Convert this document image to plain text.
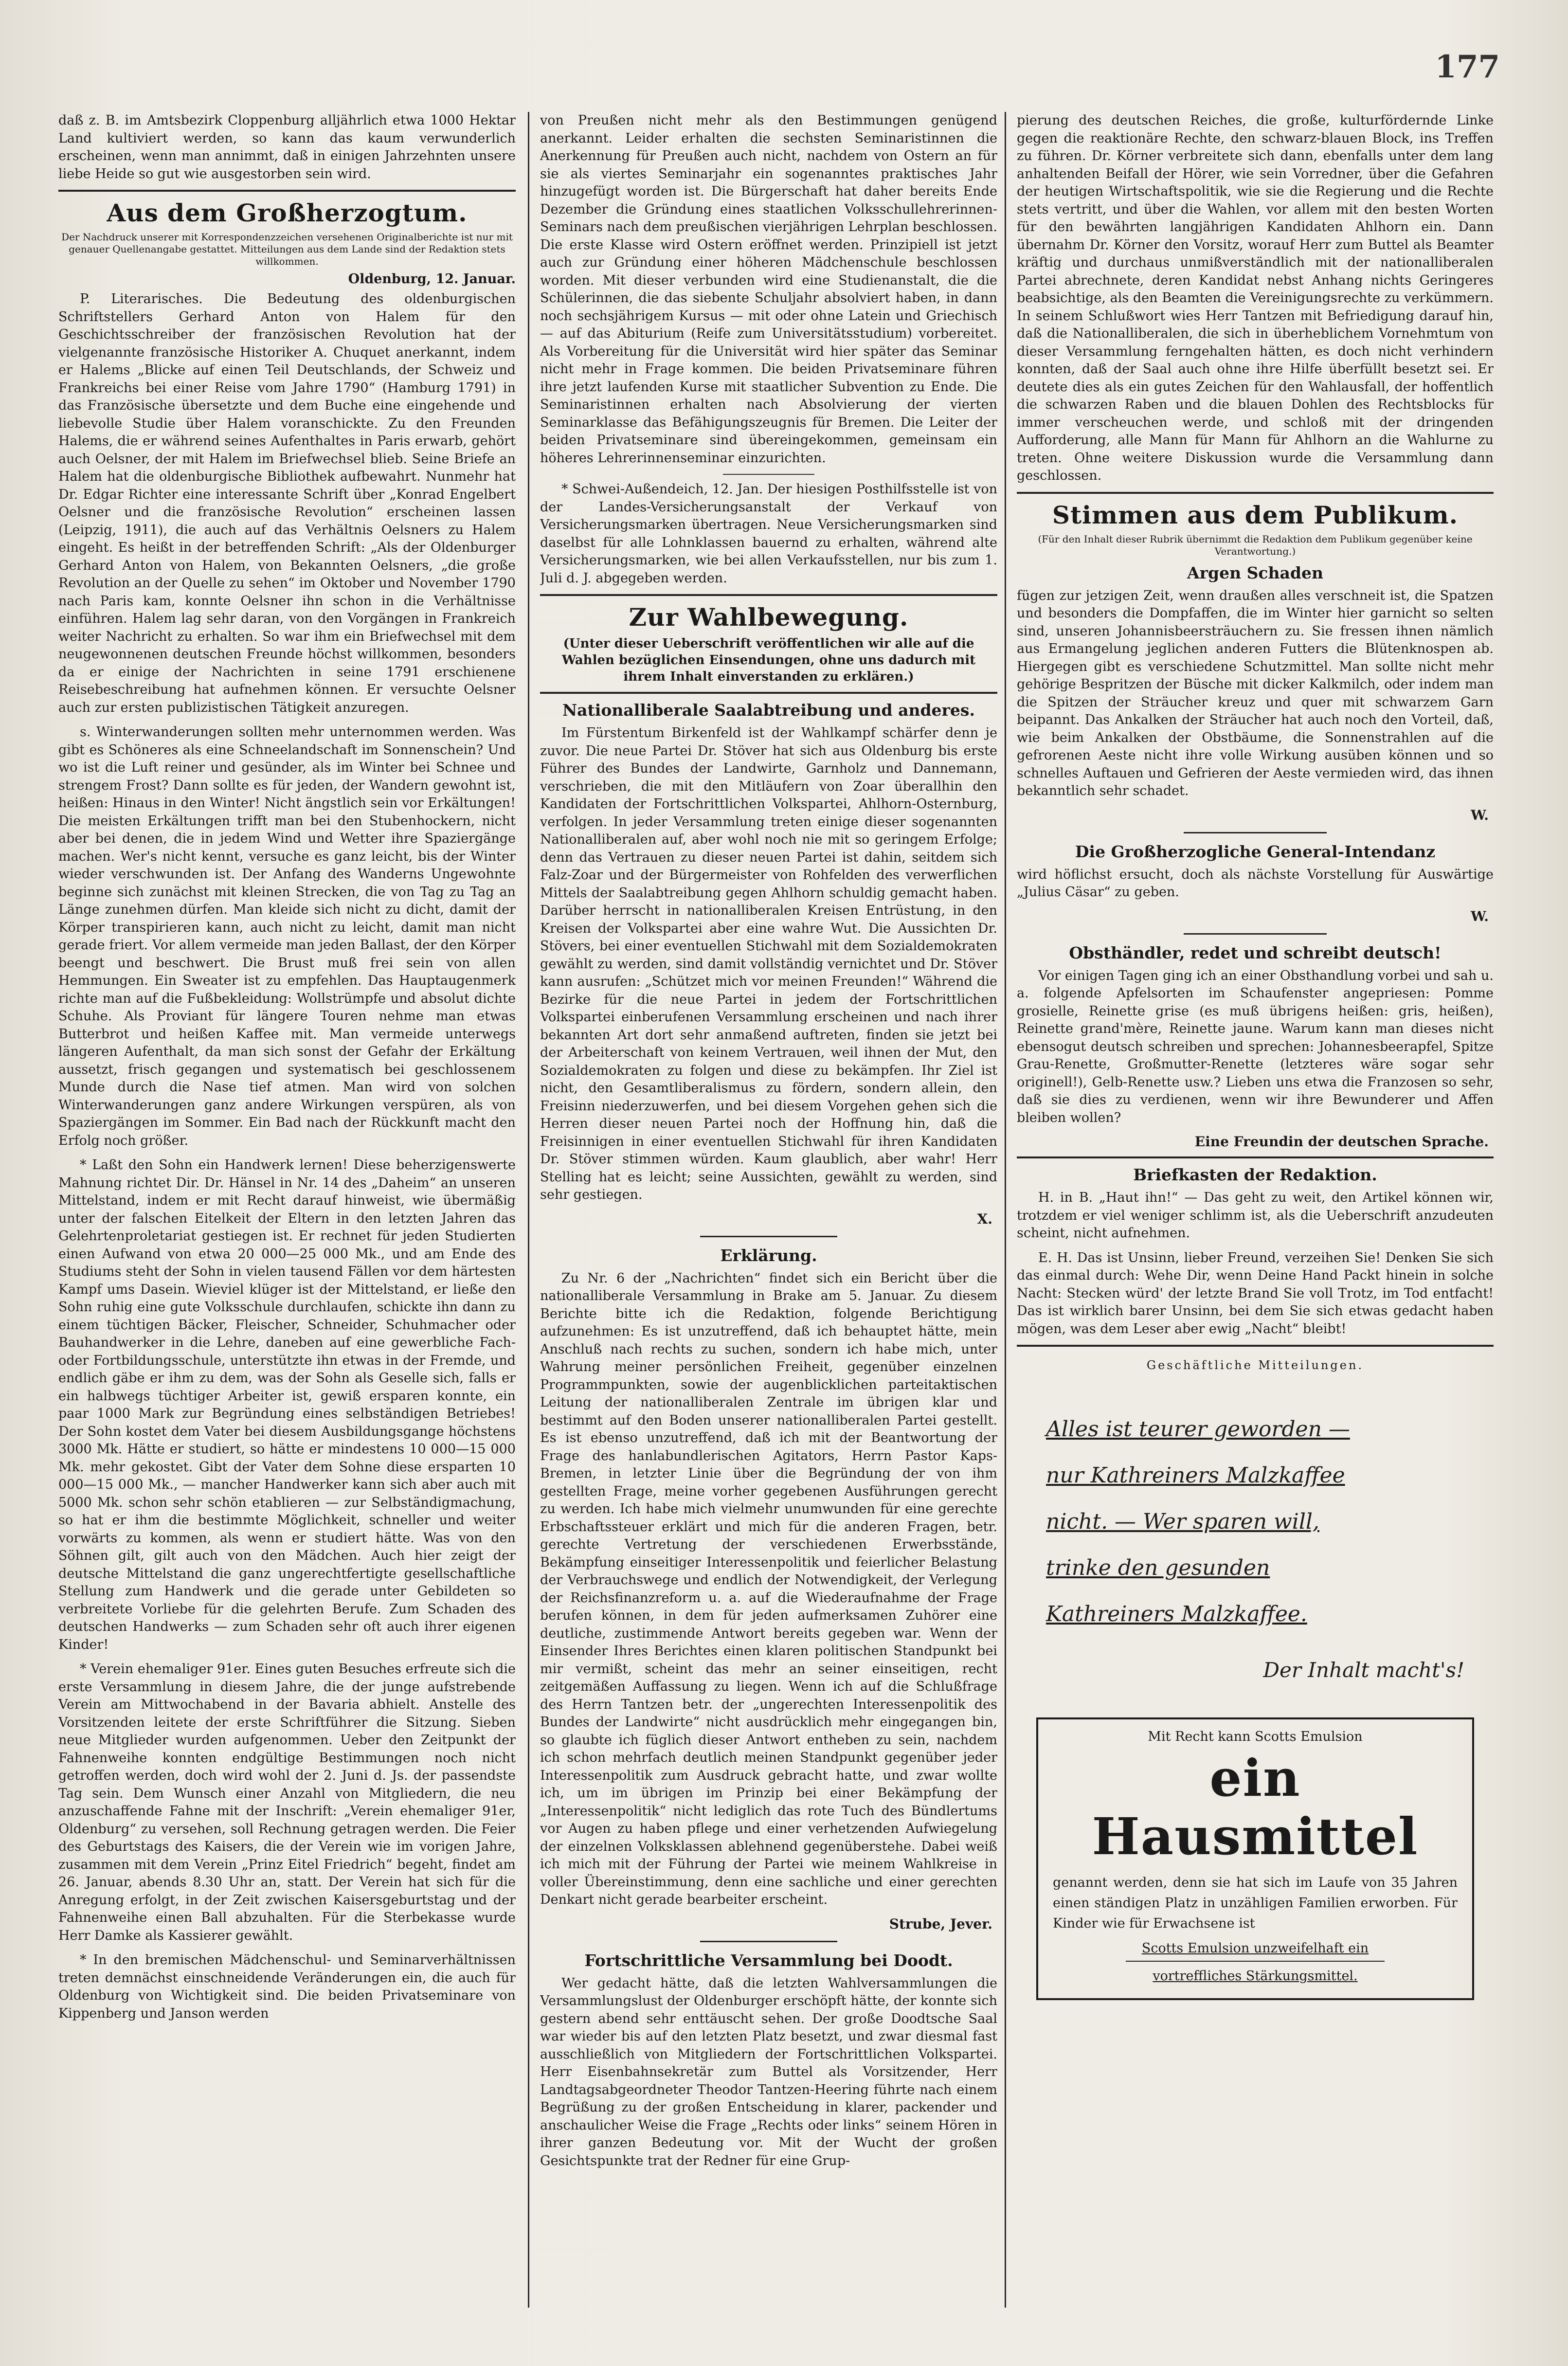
177

daß z. B. im Amtsbezirk Cloppenburg alljährlich etwa 1000 Hektar Land kultiviert werden, so kann das kaum verwunderlich erscheinen, wenn man annimmt, daß in einigen Jahrzehnten unsere liebe Heide so gut wie ausgestorben sein wird.

Aus dem Großherzogtum.

Der Nachdruck unserer mit Korrespondenzzeichen versehenen Originalberichte ist nur mit genauer Quellenangabe gestattet. Mitteilungen aus dem Lande sind der Redaktion stets willkommen.

Oldenburg, 12. Januar.

P. Literarisches. Die Bedeutung des oldenburgischen Schriftstellers Gerhard Anton von Halem für den Geschichtsschreiber der französischen Revolution hat der vielgenannte französische Historiker A. Chuquet anerkannt, indem er Halems „Blicke auf einen Teil Deutschlands, der Schweiz und Frankreichs bei einer Reise vom Jahre 1790“ (Hamburg 1791) in das Französische übersetzte und dem Buche eine eingehende und liebevolle Studie über Halem voranschickte. Zu den Freunden Halems, die er während seines Aufenthaltes in Paris erwarb, gehört auch Oelsner, der mit Halem im Briefwechsel blieb. Seine Briefe an Halem hat die oldenburgische Bibliothek aufbewahrt. Nunmehr hat Dr. Edgar Richter eine interessante Schrift über „Konrad Engelbert Oelsner und die französische Revolution“ erscheinen lassen (Leipzig, 1911), die auch auf das Verhältnis Oelsners zu Halem eingeht. Es heißt in der betreffenden Schrift: „Als der Oldenburger Gerhard Anton von Halem, von Bekannten Oelsners, „die große Revolution an der Quelle zu sehen“ im Oktober und November 1790 nach Paris kam, konnte Oelsner ihn schon in die Verhältnisse einführen. Halem lag sehr daran, von den Vorgängen in Frankreich weiter Nachricht zu erhalten. So war ihm ein Briefwechsel mit dem neugewonnenen deutschen Freunde höchst willkommen, besonders da er einige der Nachrichten in seine 1791 erschienene Reisebeschreibung hat aufnehmen können. Er versuchte Oelsner auch zur ersten publizistischen Tätigkeit anzuregen.

s. Winterwanderungen sollten mehr unternommen werden. Was gibt es Schöneres als eine Schneelandschaft im Sonnenschein? Und wo ist die Luft reiner und gesünder, als im Winter bei Schnee und strengem Frost? Dann sollte es für jeden, der Wandern gewohnt ist, heißen: Hinaus in den Winter! Nicht ängstlich sein vor Erkältungen! Die meisten Erkältungen trifft man bei den Stubenhockern, nicht aber bei denen, die in jedem Wind und Wetter ihre Spaziergänge machen. Wer's nicht kennt, versuche es ganz leicht, bis der Winter wieder verschwunden ist. Der Anfang des Wanderns Ungewohnte beginne sich zunächst mit kleinen Strecken, die von Tag zu Tag an Länge zunehmen dürfen. Man kleide sich nicht zu dicht, damit der Körper transpirieren kann, auch nicht zu leicht, damit man nicht gerade friert. Vor allem vermeide man jeden Ballast, der den Körper beengt und beschwert. Die Brust muß frei sein von allen Hemmungen. Ein Sweater ist zu empfehlen. Das Hauptaugenmerk richte man auf die Fußbekleidung: Wollstrümpfe und absolut dichte Schuhe. Als Proviant für längere Touren nehme man etwas Butterbrot und heißen Kaffee mit. Man vermeide unterwegs längeren Aufenthalt, da man sich sonst der Gefahr der Erkältung aussetzt, frisch gegangen und systematisch bei geschlossenem Munde durch die Nase tief atmen. Man wird von solchen Winterwanderungen ganz andere Wirkungen verspüren, als von Spaziergängen im Sommer. Ein Bad nach der Rückkunft macht den Erfolg noch größer.

* Laßt den Sohn ein Handwerk lernen! Diese beherzigenswerte Mahnung richtet Dir. Dr. Hänsel in Nr. 14 des „Daheim“ an unseren Mittelstand, indem er mit Recht darauf hinweist, wie übermäßig unter der falschen Eitelkeit der Eltern in den letzten Jahren das Gelehrtenproletariat gestiegen ist. Er rechnet für jeden Studierten einen Aufwand von etwa 20 000—25 000 Mk., und am Ende des Studiums steht der Sohn in vielen tausend Fällen vor dem härtesten Kampf ums Dasein. Wieviel klüger ist der Mittelstand, er ließe den Sohn ruhig eine gute Volksschule durchlaufen, schickte ihn dann zu einem tüchtigen Bäcker, Fleischer, Schneider, Schuhmacher oder Bauhandwerker in die Lehre, daneben auf eine gewerbliche Fach- oder Fortbildungsschule, unterstützte ihn etwas in der Fremde, und endlich gäbe er ihm zu dem, was der Sohn als Geselle sich, falls er ein halbwegs tüchtiger Arbeiter ist, gewiß ersparen konnte, ein paar 1000 Mark zur Begründung eines selbständigen Betriebes! Der Sohn kostet dem Vater bei diesem Ausbildungsgange höchstens 3000 Mk. Hätte er studiert, so hätte er mindestens 10 000—15 000 Mk. mehr gekostet. Gibt der Vater dem Sohne diese ersparten 10 000—15 000 Mk., — mancher Handwerker kann sich aber auch mit 5000 Mk. schon sehr schön etablieren — zur Selbständigmachung, so hat er ihm die bestimmte Möglichkeit, schneller und weiter vorwärts zu kommen, als wenn er studiert hätte. Was von den Söhnen gilt, gilt auch von den Mädchen. Auch hier zeigt der deutsche Mittelstand die ganz ungerechtfertigte gesellschaftliche Stellung zum Handwerk und die gerade unter Gebildeten so verbreitete Vorliebe für die gelehrten Berufe. Zum Schaden des deutschen Handwerks — zum Schaden sehr oft auch ihrer eigenen Kinder!

* Verein ehemaliger 91er. Eines guten Besuches erfreute sich die erste Versammlung in diesem Jahre, die der junge aufstrebende Verein am Mittwochabend in der Bavaria abhielt. Anstelle des Vorsitzenden leitete der erste Schriftführer die Sitzung. Sieben neue Mitglieder wurden aufgenommen. Ueber den Zeitpunkt der Fahnenweihe konnten endgültige Bestimmungen noch nicht getroffen werden, doch wird wohl der 2. Juni d. Js. der passendste Tag sein. Dem Wunsch einer Anzahl von Mitgliedern, die neu anzuschaffende Fahne mit der Inschrift: „Verein ehemaliger 91er, Oldenburg“ zu versehen, soll Rechnung getragen werden. Die Feier des Geburtstags des Kaisers, die der Verein wie im vorigen Jahre, zusammen mit dem Verein „Prinz Eitel Friedrich“ begeht, findet am 26. Januar, abends 8.30 Uhr an, statt. Der Verein hat sich für die Anregung erfolgt, in der Zeit zwischen Kaisersgeburtstag und der Fahnenweihe einen Ball abzuhalten. Für die Sterbekasse wurde Herr Damke als Kassierer gewählt.

* In den bremischen Mädchenschul- und Seminarverhältnissen treten demnächst einschneidende Veränderungen ein, die auch für Oldenburg von Wichtigkeit sind. Die beiden Privatseminare von Kippenberg und Janson werden

von Preußen nicht mehr als den Bestimmungen genügend anerkannt. Leider erhalten die sechsten Seminaristinnen die Anerkennung für Preußen auch nicht, nachdem von Ostern an für sie als viertes Seminarjahr ein sogenanntes praktisches Jahr hinzugefügt worden ist. Die Bürgerschaft hat daher bereits Ende Dezember die Gründung eines staatlichen Volksschullehrerinnen-Seminars nach dem preußischen vierjährigen Lehrplan beschlossen. Die erste Klasse wird Ostern eröffnet werden. Prinzipiell ist jetzt auch zur Gründung einer höheren Mädchenschule beschlossen worden. Mit dieser verbunden wird eine Studienanstalt, die die Schülerinnen, die das siebente Schuljahr absolviert haben, in dann noch sechsjährigem Kursus — mit oder ohne Latein und Griechisch — auf das Abiturium (Reife zum Universitätsstudium) vorbereitet. Als Vorbereitung für die Universität wird hier später das Seminar nicht mehr in Frage kommen. Die beiden Privatseminare führen ihre jetzt laufenden Kurse mit staatlicher Subvention zu Ende. Die Seminaristinnen erhalten nach Absolvierung der vierten Seminarklasse das Befähigungszeugnis für Bremen. Die Leiter der beiden Privatseminare sind übereingekommen, gemeinsam ein höheres Lehrerinnenseminar einzurichten.

* Schwei-Außendeich, 12. Jan. Der hiesigen Posthilfsstelle ist von der Landes-Versicherungsanstalt der Verkauf von Versicherungsmarken übertragen. Neue Versicherungsmarken sind daselbst für alle Lohnklassen bauernd zu erhalten, während alte Versicherungsmarken, wie bei allen Verkaufsstellen, nur bis zum 1. Juli d. J. abgegeben werden.

Zur Wahlbewegung.

(Unter dieser Ueberschrift veröffentlichen wir alle auf die Wahlen bezüglichen Einsendungen, ohne uns dadurch mit ihrem Inhalt einverstanden zu erklären.)

Nationalliberale Saalabtreibung und anderes.

Im Fürstentum Birkenfeld ist der Wahlkampf schärfer denn je zuvor. Die neue Partei Dr. Stöver hat sich aus Oldenburg bis erste Führer des Bundes der Landwirte, Garnholz und Dannemann, verschrieben, die mit den Mitläufern von Zoar überallhin den Kandidaten der Fortschrittlichen Volkspartei, Ahlhorn-Osternburg, verfolgen. In jeder Versammlung treten einige dieser sogenannten Nationalliberalen auf, aber wohl noch nie mit so geringem Erfolge; denn das Vertrauen zu dieser neuen Partei ist dahin, seitdem sich Falz-Zoar und der Bürgermeister von Rohfelden des verwerflichen Mittels der Saalabtreibung gegen Ahlhorn schuldig gemacht haben. Darüber herrscht in nationalliberalen Kreisen Entrüstung, in den Kreisen der Volkspartei aber eine wahre Wut. Die Aussichten Dr. Stövers, bei einer eventuellen Stichwahl mit dem Sozialdemokraten gewählt zu werden, sind damit vollständig vernichtet und Dr. Stöver kann ausrufen: „Schützet mich vor meinen Freunden!“ Während die Bezirke für die neue Partei in jedem der Fortschrittlichen Volkspartei einberufenen Versammlung erscheinen und nach ihrer bekannten Art dort sehr anmaßend auftreten, finden sie jetzt bei der Arbeiterschaft von keinem Vertrauen, weil ihnen der Mut, den Sozialdemokraten zu folgen und diese zu bekämpfen. Ihr Ziel ist nicht, den Gesamtliberalismus zu fördern, sondern allein, den Freisinn niederzuwerfen, und bei diesem Vorgehen gehen sich die Herren dieser neuen Partei noch der Hoffnung hin, daß die Freisinnigen in einer eventuellen Stichwahl für ihren Kandidaten Dr. Stöver stimmen würden. Kaum glaublich, aber wahr! Herr Stelling hat es leicht; seine Aussichten, gewählt zu werden, sind sehr gestiegen.

X.

Erklärung.

Zu Nr. 6 der „Nachrichten“ findet sich ein Bericht über die nationalliberale Versammlung in Brake am 5. Januar. Zu diesem Berichte bitte ich die Redaktion, folgende Berichtigung aufzunehmen: Es ist unzutreffend, daß ich behauptet hätte, mein Anschluß nach rechts zu suchen, sondern ich habe mich, unter Wahrung meiner persönlichen Freiheit, gegenüber einzelnen Programmpunkten, sowie der augenblicklichen parteitaktischen Leitung der nationalliberalen Zentrale im übrigen klar und bestimmt auf den Boden unserer nationalliberalen Partei gestellt. Es ist ebenso unzutreffend, daß ich mit der Beantwortung der Frage des hanlabundlerischen Agitators, Herrn Pastor Kaps-Bremen, in letzter Linie über die Begründung der von ihm gestellten Frage, meine vorher gegebenen Ausführungen gerecht zu werden. Ich habe mich vielmehr unumwunden für eine gerechte Erbschaftssteuer erklärt und mich für die anderen Fragen, betr. gerechte Vertretung der verschiedenen Erwerbsstände, Bekämpfung einseitiger Interessenpolitik und feierlicher Belastung der Verbrauchswege und endlich der Notwendigkeit, der Verlegung der Reichsfinanzreform u. a. auf die Wiederaufnahme der Frage berufen können, in dem für jeden aufmerksamen Zuhörer eine deutliche, zustimmende Antwort bereits gegeben war. Wenn der Einsender Ihres Berichtes einen klaren politischen Standpunkt bei mir vermißt, scheint das mehr an seiner einseitigen, recht zeitgemäßen Auffassung zu liegen. Wenn ich auf die Schlußfrage des Herrn Tantzen betr. der „ungerechten Interessenpolitik des Bundes der Landwirte“ nicht ausdrücklich mehr eingegangen bin, so glaubte ich füglich dieser Antwort entheben zu sein, nachdem ich schon mehrfach deutlich meinen Standpunkt gegenüber jeder Interessenpolitik zum Ausdruck gebracht hatte, und zwar wollte ich, um im übrigen im Prinzip bei einer Bekämpfung der „Interessenpolitik“ nicht lediglich das rote Tuch des Bündlertums vor Augen zu haben pflege und einer verhetzenden Aufwiegelung der einzelnen Volksklassen ablehnend gegenüberstehe. Dabei weiß ich mich mit der Führung der Partei wie meinem Wahlkreise in voller Übereinstimmung, denn eine sachliche und einer gerechten Denkart nicht gerade bearbeiter erscheint.

Strube, Jever.

Fortschrittliche Versammlung bei Doodt.

Wer gedacht hätte, daß die letzten Wahlversammlungen die Versammlungslust der Oldenburger erschöpft hätte, der konnte sich gestern abend sehr enttäuscht sehen. Der große Doodtsche Saal war wieder bis auf den letzten Platz besetzt, und zwar diesmal fast ausschließlich von Mitgliedern der Fortschrittlichen Volkspartei. Herr Eisenbahnsekretär zum Buttel als Vorsitzender, Herr Landtagsabgeordneter Theodor Tantzen-Heering führte nach einem Begrüßung zu der großen Entscheidung in klarer, packender und anschaulicher Weise die Frage „Rechts oder links“ seinem Hören in ihrer ganzen Bedeutung vor. Mit der Wucht der großen Gesichtspunkte trat der Redner für eine Grup-

pierung des deutschen Reiches, die große, kulturfördernde Linke gegen die reaktionäre Rechte, den schwarz-blauen Block, ins Treffen zu führen. Dr. Körner verbreitete sich dann, ebenfalls unter dem lang anhaltenden Beifall der Hörer, wie sein Vorredner, über die Gefahren der heutigen Wirtschaftspolitik, wie sie die Regierung und die Rechte stets vertritt, und über die Wahlen, vor allem mit den besten Worten für den bewährten langjährigen Kandidaten Ahlhorn ein. Dann übernahm Dr. Körner den Vorsitz, worauf Herr zum Buttel als Beamter kräftig und durchaus unmißverständlich mit der nationalliberalen Partei abrechnete, deren Kandidat nebst Anhang nichts Geringeres beabsichtige, als den Beamten die Vereinigungsrechte zu verkümmern. In seinem Schlußwort wies Herr Tantzen mit Befriedigung darauf hin, daß die Nationalliberalen, die sich in überheblichem Vornehmtum von dieser Versammlung ferngehalten hätten, es doch nicht verhindern konnten, daß der Saal auch ohne ihre Hilfe überfüllt besetzt sei. Er deutete dies als ein gutes Zeichen für den Wahlausfall, der hoffentlich die schwarzen Raben und die blauen Dohlen des Rechtsblocks für immer verscheuchen werde, und schloß mit der dringenden Aufforderung, alle Mann für Mann für Ahlhorn an die Wahlurne zu treten. Ohne weitere Diskussion wurde die Versammlung dann geschlossen.

Stimmen aus dem Publikum.

(Für den Inhalt dieser Rubrik übernimmt die Redaktion dem Publikum gegenüber keine Verantwortung.)

Argen Schaden

fügen zur jetzigen Zeit, wenn draußen alles verschneit ist, die Spatzen und besonders die Dompfaffen, die im Winter hier garnicht so selten sind, unseren Johannisbeersträuchern zu. Sie fressen ihnen nämlich aus Ermangelung jeglichen anderen Futters die Blütenknospen ab. Hiergegen gibt es verschiedene Schutzmittel. Man sollte nicht mehr gehörige Bespritzen der Büsche mit dicker Kalkmilch, oder indem man die Spitzen der Sträucher kreuz und quer mit schwarzem Garn beipannt. Das Ankalken der Sträucher hat auch noch den Vorteil, daß, wie beim Ankalken der Obstbäume, die Sonnenstrahlen auf die gefrorenen Aeste nicht ihre volle Wirkung ausüben können und so schnelles Auftauen und Gefrieren der Aeste vermieden wird, das ihnen bekanntlich sehr schadet.

W.

Die Großherzogliche General-Intendanz

wird höflichst ersucht, doch als nächste Vorstellung für Auswärtige „Julius Cäsar“ zu geben.

W.

Obsthändler, redet und schreibt deutsch!

Vor einigen Tagen ging ich an einer Obsthandlung vorbei und sah u. a. folgende Apfelsorten im Schaufenster angepriesen: Pomme grosielle, Reinette grise (es muß übrigens heißen: gris, heißen), Reinette grand'mère, Reinette jaune. Warum kann man dieses nicht ebensogut deutsch schreiben und sprechen: Johannesbeerapfel, Spitze Grau-Renette, Großmutter-Renette (letzteres wäre sogar sehr originell!), Gelb-Renette usw.? Lieben uns etwa die Franzosen so sehr, daß sie dies zu verdienen, wenn wir ihre Bewunderer und Affen bleiben wollen?

Eine Freundin der deutschen Sprache.

Briefkasten der Redaktion.

H. in B. „Haut ihn!“ — Das geht zu weit, den Artikel können wir, trotzdem er viel weniger schlimm ist, als die Ueberschrift anzudeuten scheint, nicht aufnehmen.

E. H. Das ist Unsinn, lieber Freund, verzeihen Sie! Denken Sie sich das einmal durch: Wehe Dir, wenn Deine Hand Packt hinein in solche Nacht: Stecken würd' der letzte Brand Sie voll Trotz, im Tod entfacht! Das ist wirklich barer Unsinn, bei dem Sie sich etwas gedacht haben mögen, was dem Leser aber ewig „Nacht“ bleibt!

Geschäftliche Mitteilungen.

Alles ist teurer geworden —
nur Kathreiners Malzkaffee
nicht. — Wer sparen will,
trinke den gesunden
Kathreiners Malzkaffee.
Der Inhalt macht's!
Mit Recht kann Scotts Emulsion
ein Hausmittel
genannt werden, denn sie hat sich im Laufe von 35 Jahren einen ständigen Platz in unzähligen Familien erworben. Für Kinder wie für Erwachsene ist
Scotts Emulsion unzweifelhaft ein
vortreffliches Stärkungsmittel.
